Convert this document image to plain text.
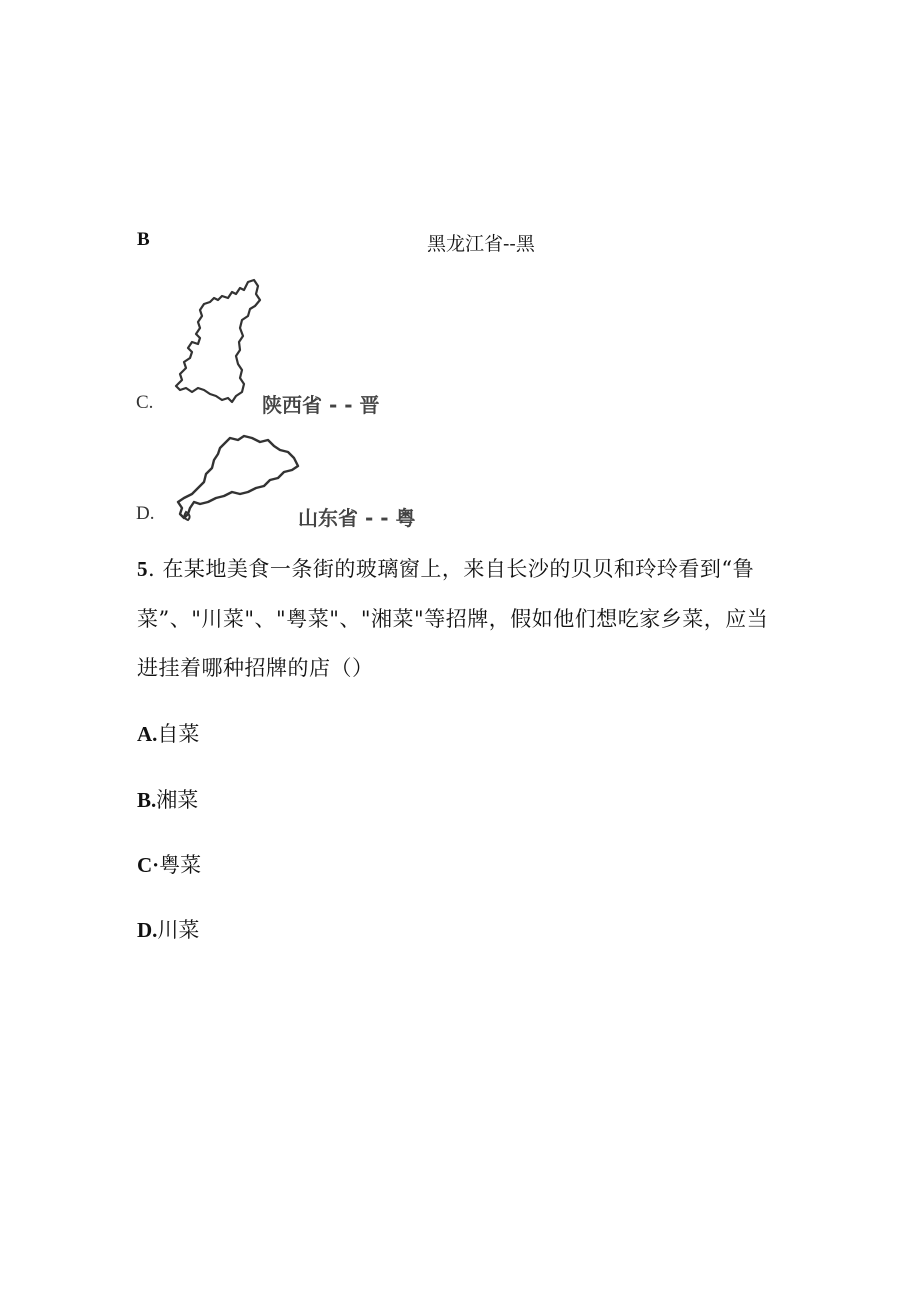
B	黑龙江省--黑
C.	陕西省 - - 晋
D.	山东省 - - 粤
5. 在某地美食一条街的玻璃窗上，来自长沙的贝贝和玲玲看到“鲁
菜”、"川菜"、"粤菜"、"湘菜"等招牌，假如他们想吃家乡菜，应当
进挂着哪种招牌的店（）
A.自菜
B.湘菜
C·粤菜
D.川菜
